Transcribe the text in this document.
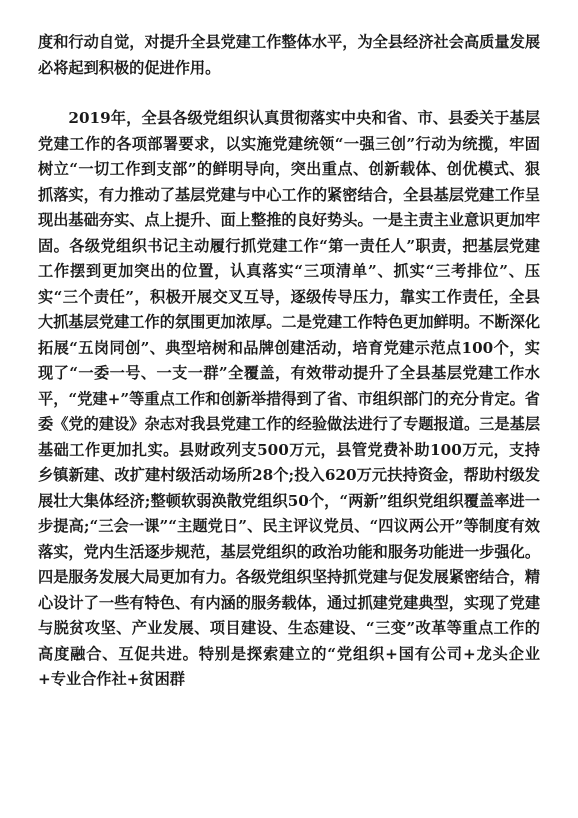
度和行动自觉，对提升全县党建工作整体水平，为全县经济社会高质量发展必将起到积极的促进作用。

2019年，全县各级党组织认真贯彻落实中央和省、市、县委关于基层党建工作的各项部署要求，以实施党建统领“一强三创”行动为统揽，牢固树立“一切工作到支部”的鲜明导向，突出重点、创新载体、创优模式、狠抓落实，有力推动了基层党建与中心工作的紧密结合，全县基层党建工作呈现出基础夯实、点上提升、面上整推的良好势头。一是主责主业意识更加牢固。各级党组织书记主动履行抓党建工作“第一责任人”职责，把基层党建工作摆到更加突出的位置，认真落实“三项清单”、抓实“三考排位”、压实“三个责任”，积极开展交叉互导，逐级传导压力，靠实工作责任，全县大抓基层党建工作的氛围更加浓厚。二是党建工作特色更加鲜明。不断深化拓展“五岗同创”、典型培树和品牌创建活动，培育党建示范点100个，实现了“一委一号、一支一群”全覆盖，有效带动提升了全县基层党建工作水平，“党建+”等重点工作和创新举措得到了省、市组织部门的充分肯定。省委《党的建设》杂志对我县党建工作的经验做法进行了专题报道。三是基层基础工作更加扎实。县财政列支500万元，县管党费补助100万元，支持乡镇新建、改扩建村级活动场所28个;投入620万元扶持资金，帮助村级发展壮大集体经济;整顿软弱涣散党组织50个，“两新”组织党组织覆盖率进一步提高;“三会一课”“主题党日”、民主评议党员、“四议两公开”等制度有效落实，党内生活逐步规范，基层党组织的政治功能和服务功能进一步强化。四是服务发展大局更加有力。各级党组织坚持抓党建与促发展紧密结合，精心设计了一些有特色、有内涵的服务载体，通过抓建党建典型，实现了党建与脱贫攻坚、产业发展、项目建设、生态建设、“三变”改革等重点工作的高度融合、互促共进。特别是探索建立的“党组织+国有公司+龙头企业+专业合作社+贫困群
